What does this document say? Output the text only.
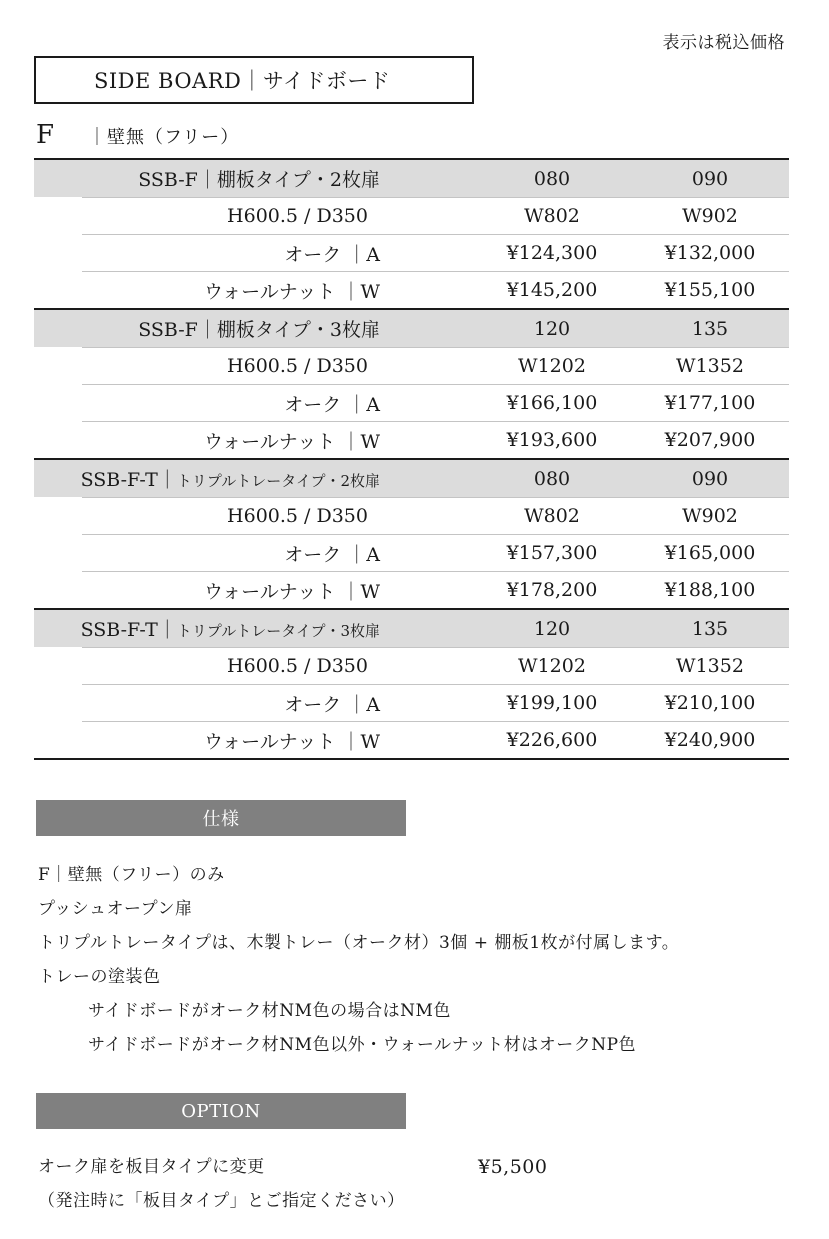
表示は税込価格
SIDE BOARD｜サイドボード
F	｜壁無（フリー）
SSB-F｜棚板タイプ・2枚扉	080	090
H600.5 / D350	W802	W902
オーク ｜A	¥124,300	¥132,000
ウォールナット ｜W	¥145,200	¥155,100
SSB-F｜棚板タイプ・3枚扉	120	135
H600.5 / D350	W1202	W1352
オーク ｜A	¥166,100	¥177,100
ウォールナット ｜W	¥193,600	¥207,900
SSB-F-T｜トリプルトレータイプ・2枚扉	080	090
H600.5 / D350	W802	W902
オーク ｜A	¥157,300	¥165,000
ウォールナット ｜W	¥178,200	¥188,100
SSB-F-T｜トリプルトレータイプ・3枚扉	120	135
H600.5 / D350	W1202	W1352
オーク ｜A	¥199,100	¥210,100
ウォールナット ｜W	¥226,600	¥240,900
仕様
F｜壁無（フリー）のみ
プッシュオープン扉
トリプルトレータイプは、木製トレー（オーク材）3個 + 棚板1枚が付属します。
トレーの塗装色
サイドボードがオーク材NM色の場合はNM色
サイドボードがオーク材NM色以外・ウォールナット材はオークNP色
OPTION
オーク扉を板目タイプに変更	¥5,500
（発注時に「板目タイプ」とご指定ください）
